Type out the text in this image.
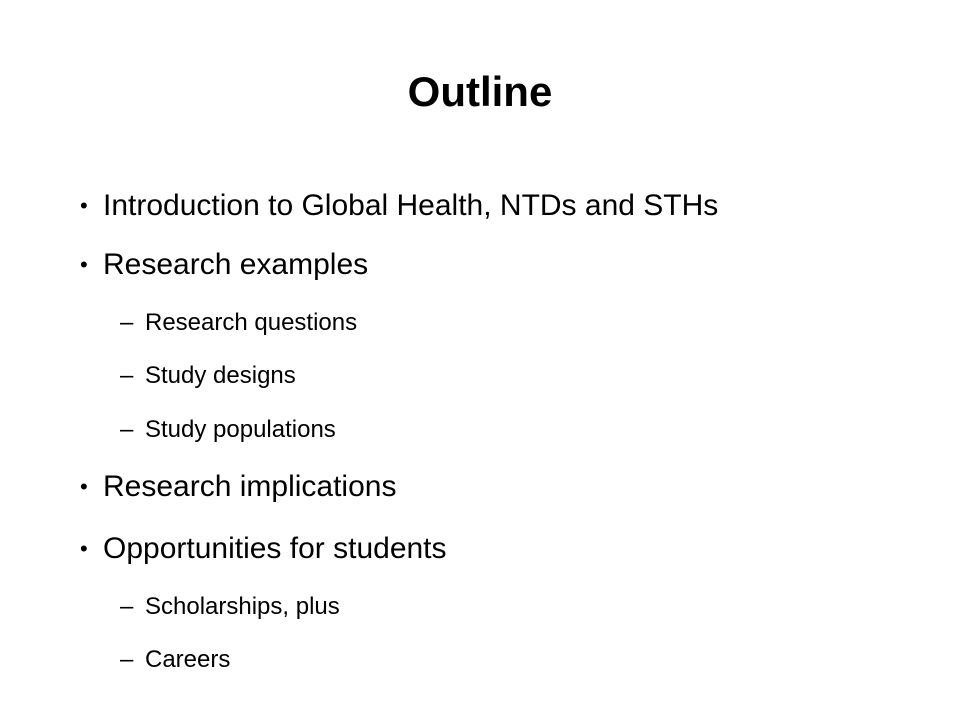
Outline
• Introduction to Global Health, NTDs and STHs
• Research examples
– Research questions
– Study designs
– Study populations
• Research implications
• Opportunities for students
– Scholarships, plus
– Careers
